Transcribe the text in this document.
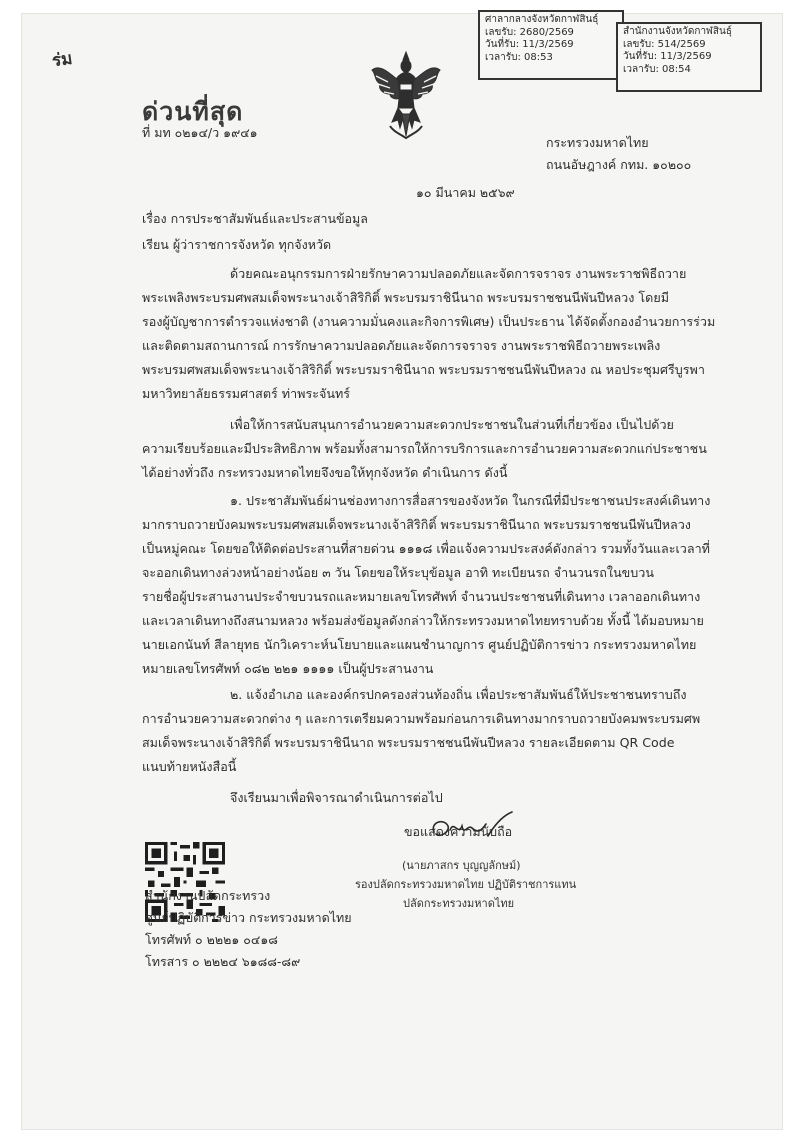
ร่ม
ศาลากลางจังหวัดกาฬสินธุ์
เลขรับ: 2680/2569
วันที่รับ: 11/3/2569
เวลารับ: 08:53
สำนักงานจังหวัดกาฬสินธุ์
เลขรับ: 514/2569
วันที่รับ: 11/3/2569
เวลารับ: 08:54
ด่วนที่สุด
ที่ มท ๐๒๑๔/ว ๑๙๔๑
กระทรวงมหาดไทย
ถนนอัษฎางค์ กทม. ๑๐๒๐๐
๑๐ มีนาคม ๒๕๖๙
เรื่อง การประชาสัมพันธ์และประสานข้อมูล
เรียน ผู้ว่าราชการจังหวัด ทุกจังหวัด
ด้วยคณะอนุกรรมการฝ่ายรักษาความปลอดภัยและจัดการจราจร งานพระราชพิธีถวาย
พระเพลิงพระบรมศพสมเด็จพระนางเจ้าสิริกิติ์ พระบรมราชินีนาถ พระบรมราชชนนีพันปีหลวง โดยมี
รองผู้บัญชาการตำรวจแห่งชาติ (งานความมั่นคงและกิจการพิเศษ) เป็นประธาน ได้จัดตั้งกองอำนวยการร่วม
และติดตามสถานการณ์ การรักษาความปลอดภัยและจัดการจราจร งานพระราชพิธีถวายพระเพลิง
พระบรมศพสมเด็จพระนางเจ้าสิริกิติ์ พระบรมราชินีนาถ พระบรมราชชนนีพันปีหลวง ณ หอประชุมศรีบูรพา
มหาวิทยาลัยธรรมศาสตร์ ท่าพระจันทร์
เพื่อให้การสนับสนุนการอำนวยความสะดวกประชาชนในส่วนที่เกี่ยวข้อง เป็นไปด้วย
ความเรียบร้อยและมีประสิทธิภาพ พร้อมทั้งสามารถให้การบริการและการอำนวยความสะดวกแก่ประชาชน
ได้อย่างทั่วถึง กระทรวงมหาดไทยจึงขอให้ทุกจังหวัด ดำเนินการ ดังนี้
๑. ประชาสัมพันธ์ผ่านช่องทางการสื่อสารของจังหวัด ในกรณีที่มีประชาชนประสงค์เดินทาง
มากราบถวายบังคมพระบรมศพสมเด็จพระนางเจ้าสิริกิติ์ พระบรมราชินีนาถ พระบรมราชชนนีพันปีหลวง
เป็นหมู่คณะ โดยขอให้ติดต่อประสานที่สายด่วน ๑๑๑๘ เพื่อแจ้งความประสงค์ดังกล่าว รวมทั้งวันและเวลาที่
จะออกเดินทางล่วงหน้าอย่างน้อย ๓ วัน โดยขอให้ระบุข้อมูล อาทิ ทะเบียนรถ จำนวนรถในขบวน
รายชื่อผู้ประสานงานประจำขบวนรถและหมายเลขโทรศัพท์ จำนวนประชาชนที่เดินทาง เวลาออกเดินทาง
และเวลาเดินทางถึงสนามหลวง พร้อมส่งข้อมูลดังกล่าวให้กระทรวงมหาดไทยทราบด้วย ทั้งนี้ ได้มอบหมาย
นายเอกนันท์ สีลายุทธ นักวิเคราะห์นโยบายและแผนชำนาญการ ศูนย์ปฏิบัติการข่าว กระทรวงมหาดไทย
หมายเลขโทรศัพท์ ๐๘๒ ๒๒๑ ๑๑๑๑ เป็นผู้ประสานงาน
๒. แจ้งอำเภอ และองค์กรปกครองส่วนท้องถิ่น เพื่อประชาสัมพันธ์ให้ประชาชนทราบถึง
การอำนวยความสะดวกต่าง ๆ และการเตรียมความพร้อมก่อนการเดินทางมากราบถวายบังคมพระบรมศพ
สมเด็จพระนางเจ้าสิริกิติ์ พระบรมราชินีนาถ พระบรมราชชนนีพันปีหลวง รายละเอียดตาม QR Code
แนบท้ายหนังสือนี้
จึงเรียนมาเพื่อพิจารณาดำเนินการต่อไป
ขอแสดงความนับถือ
(นายภาสกร บุญญลักษม์)
รองปลัดกระทรวงมหาดไทย ปฏิบัติราชการแทน
ปลัดกระทรวงมหาดไทย
สำนักงานปลัดกระทรวง
ศูนย์ปฏิบัติการข่าว กระทรวงมหาดไทย
โทรศัพท์ ๐ ๒๒๒๑ ๐๔๑๘
โทรสาร ๐ ๒๒๒๔ ๖๑๘๘-๘๙
